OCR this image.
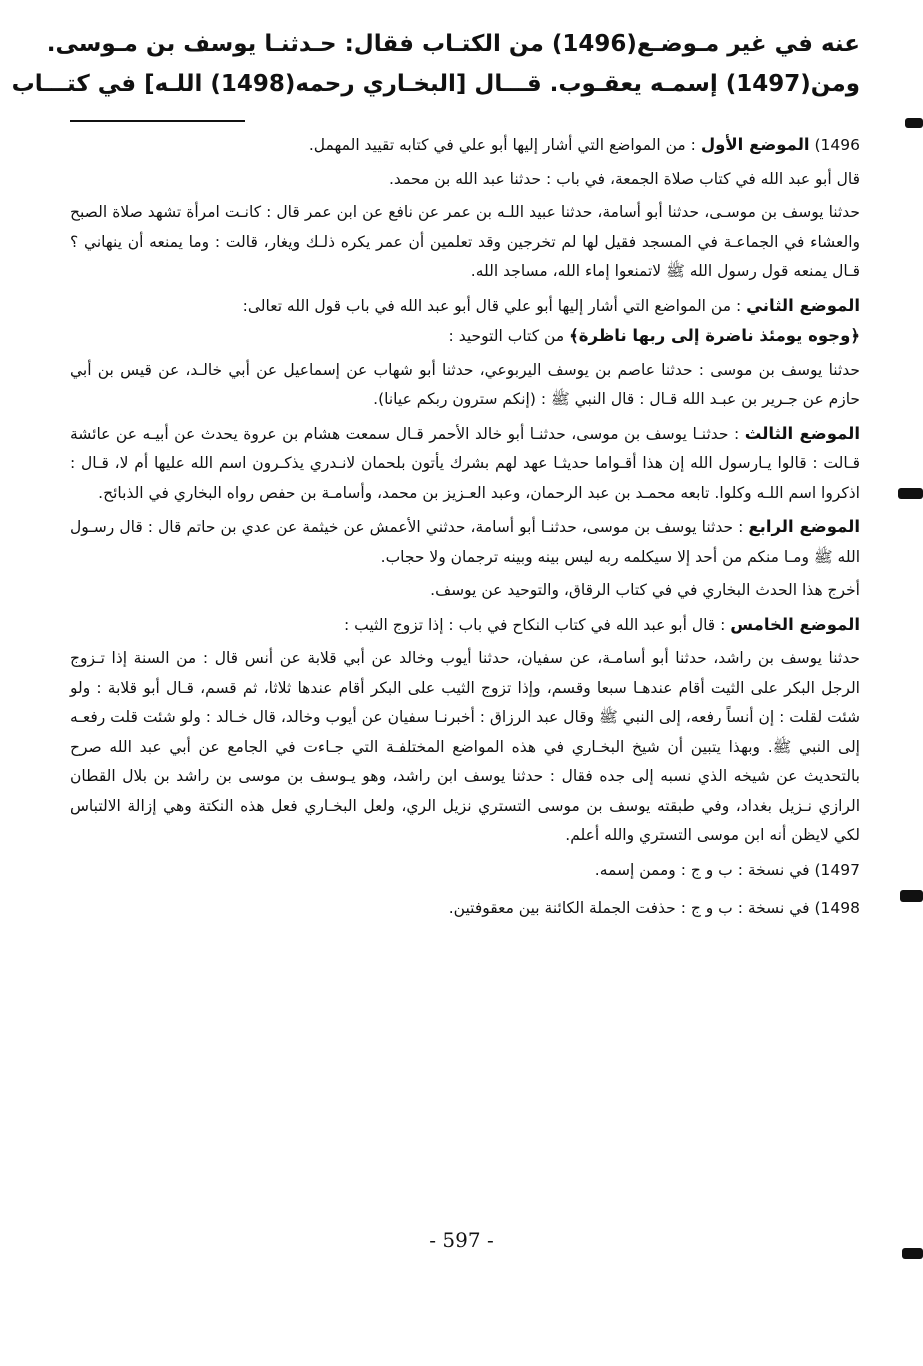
عنه في غير مـوضـع(1496) من الكتـاب فقال: حـدثنـا يوسف بن مـوسى.

ومن(1497) إسمـه يعقـوب. قـــال [البخـاري رحمه(1498) اللـه] في كتـــاب

1496) الموضع الأول : من المواضع التي أشار إليها أبو علي في كتابه تقييد المهمل.

قال أبو عبد الله في كتاب صلاة الجمعة، في باب : حدثنا عبد الله بن محمد.

حدثنا يوسف بن موسـى، حدثنا أبو أسامة، حدثنا عبيد اللـه بن عمر عن نافع عن ابن عمر قال : كانـت امرأة تشهد صلاة الصبح والعشاء في الجماعـة في المسجد فقيل لها لم تخرجين وقد تعلمين أن عمر يكره ذلـك ويغار، قالت : وما يمنعه أن ينهاني ؟ قـال يمنعه قول رسول الله ﷺ لاتمنعوا إماء الله، مساجد الله.

الموضع الثاني : من المواضع التي أشار إليها أبو علي قال أبو عبد الله في باب قول الله تعالى:
﴿وجوه يومئذ ناضرة إلى ربها ناظرة﴾ من كتاب التوحيد :

حدثنا يوسف بن موسى : حدثنا عاصم بن يوسف اليربوعي، حدثنا أبو شهاب عن إسماعيل عن أبي خالـد، عن قيس بن أبي حازم عن جـرير بن عبـد الله قـال : قال النبي ﷺ : (إنكم سترون ربكم عيانا).

الموضع الثالث : حدثنـا يوسف بن موسى، حدثنـا أبو خالد الأحمر قـال سمعت هشام بن عروة يحدث عن أبيـه عن عائشة قـالت : قالوا يـارسول الله إن هذا أقـواما حديثـا عهد لهم بشرك يأتون بلحمان لانـدري يذكـرون اسم الله عليها أم لا، قـال : اذكروا اسم اللـه وكلوا. تابعه محمـد بن عبد الرحمان، وعبد العـزيز بن محمد، وأسامـة بن حفص رواه البخاري في الذبائح.

الموضع الرابع : حدثنا يوسف بن موسى، حدثنـا أبو أسامة، حدثني الأعمش عن خيثمة عن عدي بن حاتم قال : قال رسـول الله ﷺ ومـا منكم من أحد إلا سيكلمه ربه ليس بينه وبينه ترجمان ولا حجاب.

أخرج هذا الحدث البخاري في في كتاب الرقاق، والتوحيد عن يوسف.

الموضع الخامس : قال أبو عبد الله في كتاب النكاح في باب : إذا تزوج الثيب :

حدثنا يوسف بن راشد، حدثنا أبو أسامـة، عن سفيان، حدثنا أيوب وخالد عن أبي قلابة عن أنس قال : من السنة إذا تـزوج الرجل البكر على الثيت أقام عندهـا سبعا وقسم، وإذا تزوج الثيب على البكر أقام عندها ثلاثا، ثم قسم، قـال أبو قلابة : ولو شئت لقلت : إن أنساً رفعه، إلى النبي ﷺ وقال عبد الرزاق : أخبرنـا سفيان عن أيوب وخالد، قال خـالد : ولو شئت قلت رفعـه إلى النبي ﷺ. وبهذا يتبين أن شيخ البخـاري في هذه المواضع المختلفـة التي جـاءت في الجامع عن أبي عبد الله صرح بالتحديث عن شيخه الذي نسبه إلى جده فقال : حدثنا يوسف ابن راشد، وهو يـوسف بن موسى بن راشد بن بلال القطان الرازي نـزيل بغداد، وفي طبقته يوسف بن موسى التستري نزيل الري، ولعل البخـاري فعل هذه النكتة وهي إزالة الالتباس لكي لايظن أنه ابن موسى التستري والله أعلم.

1497) في نسخة : ب و ج : وممن إسمه.

1498) في نسخة : ب و ج : حذفت الجملة الكائنة بين معقوفتين.

- 597 -
